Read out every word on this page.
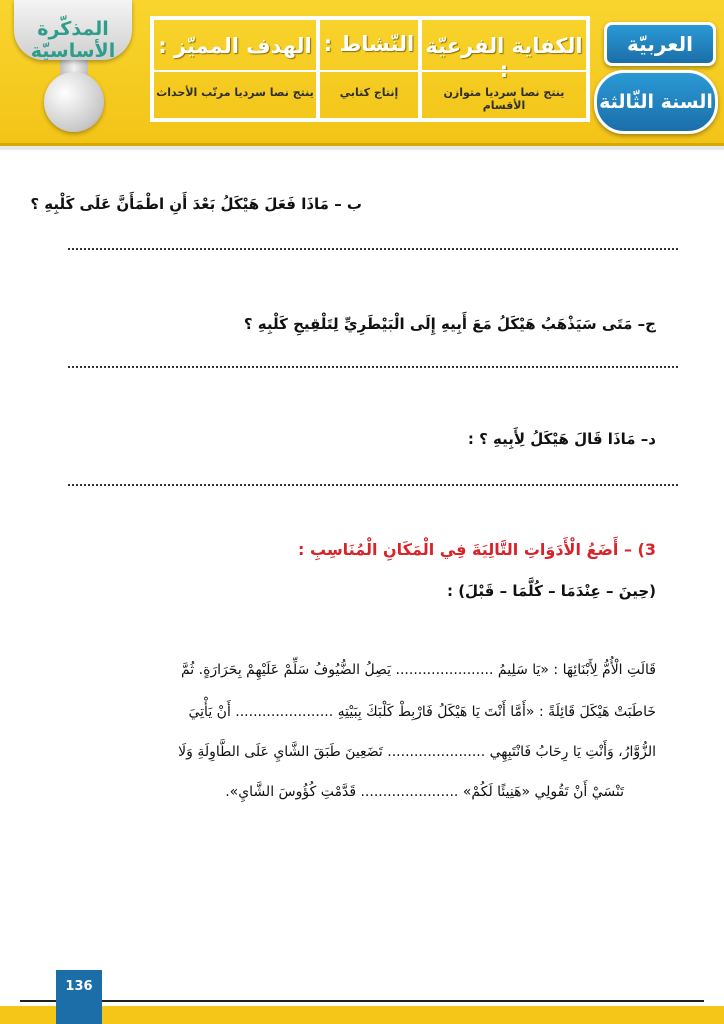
المذكّرة الأساسيّة	الهدف المميّز :
ينتج نصا سرديا مرتّب الأحداث
النّشاط :
إنتاج كتابي
الكفاية الفرعيّة :
ينتج نصا سرديا متوازن الأقسام
العربيّة
السنة الثّالثة
ب – مَاذَا فَعَلَ هَيْكَلُ بَعْدَ أَنِ اطْمَأَنَّ عَلَى كَلْبِهِ ؟
ج– مَتَى سَيَذْهَبُ هَيْكَلُ مَعَ أَبِيهِ إِلَى الْبَيْطَرِيِّ لِتَلْقِيحِ كَلْبِهِ ؟
د– مَاذَا قَالَ هَيْكَلُ لِأَبِيهِ ؟ :
3) – أَضَعُ الْأَدَوَاتِ التَّالِيَةَ فِي الْمَكَانِ الْمُنَاسِبِ :
(حِينَ – عِنْدَمَا – كُلَّمَا – قَبْلَ) :
قَالَتِ الْأُمُّ لِأَبْنَائِهَا : «يَا سَلِيمُ ...................... يَصِلُ الضُّيُوفُ سَلِّمْ عَلَيْهِمْ بِحَرَارَةٍ. ثُمَّ
خَاطَبَتْ هَيْكَلَ قَائِلَةً : «أَمَّا أَنْتَ يَا هَيْكَلُ فَارْبِطْ كَلْبَكَ بِبَيْتِهِ ...................... أَنْ يَأْتِيَ
الزُّوَّارُ، وَأَنْتِ يَا رِحَابُ فَانْتَبِهِي ...................... تَضَعِينَ طَبَقَ الشَّايِ عَلَى الطَّاوِلَةِ وَلَا
تَنْسَيْ أَنْ تَقُولِي «هَنِيئًا لَكُمْ» ...................... قَدَّمْتِ كُؤُوسَ الشَّايِ».
136
